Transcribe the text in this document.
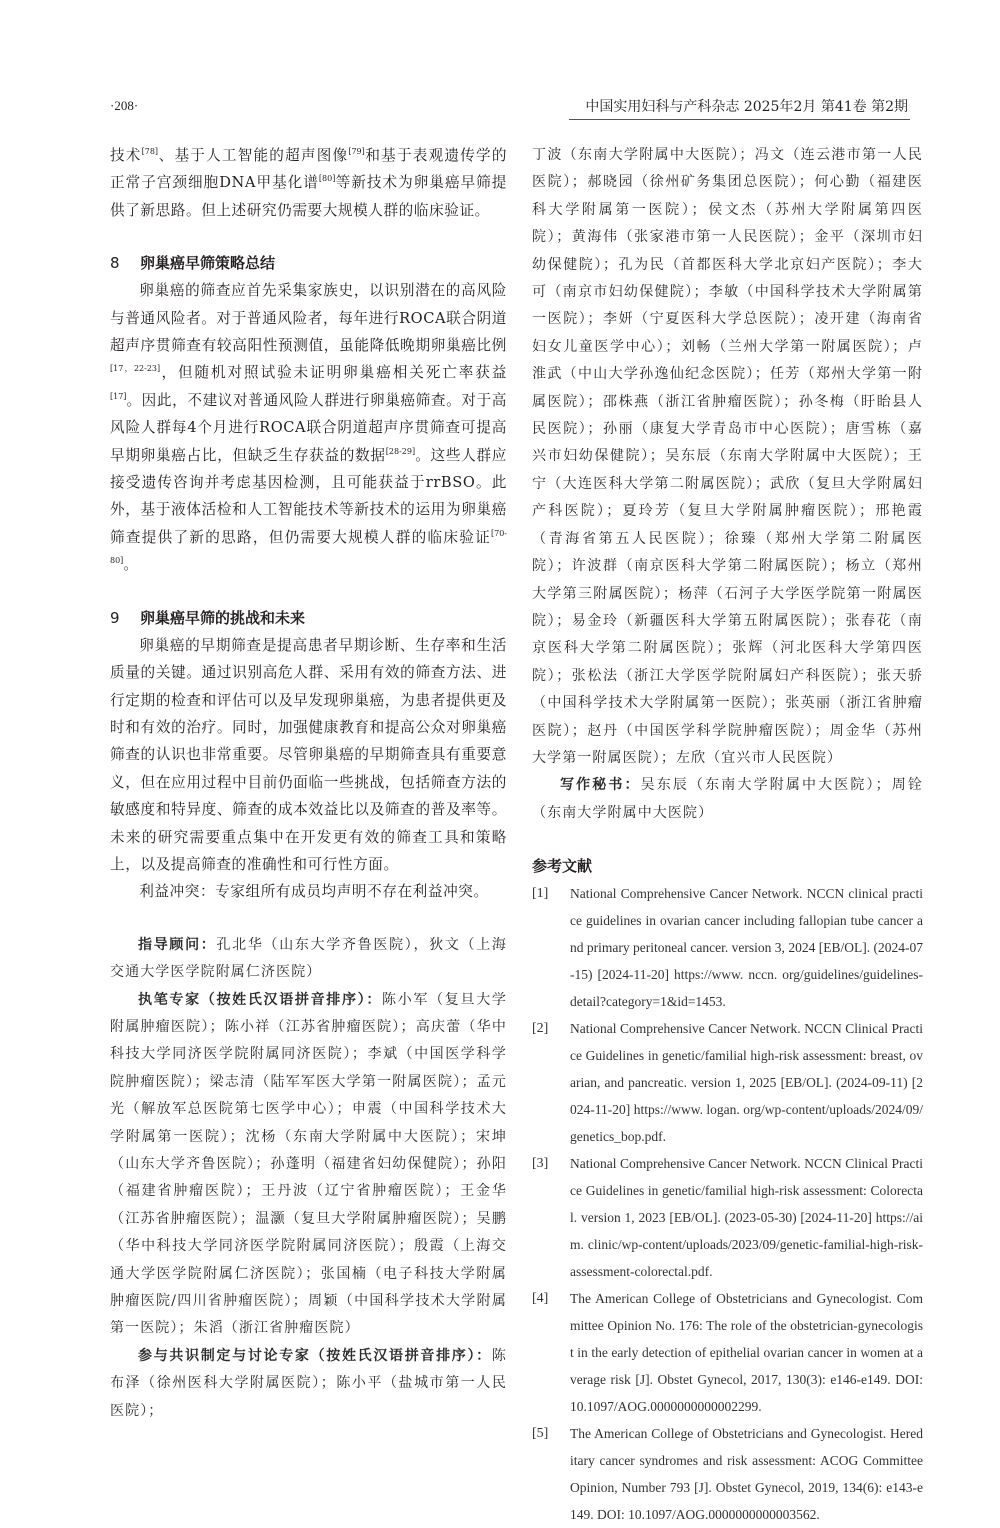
·208·	中国实用妇科与产科杂志 2025年2月 第41卷 第2期

技术[78]、基于人工智能的超声图像[79]和基于表观遗传学的正常子宫颈细胞DNA甲基化谱[80]等新技术为卵巢癌早筛提供了新思路。但上述研究仍需要大规模人群的临床验证。

8 卵巢癌早筛策略总结

卵巢癌的筛查应首先采集家族史，以识别潜在的高风险与普通风险者。对于普通风险者，每年进行ROCA联合阴道超声序贯筛查有较高阳性预测值，虽能降低晚期卵巢癌比例[17，22-23]，但随机对照试验未证明卵巢癌相关死亡率获益[17]。因此，不建议对普通风险人群进行卵巢癌筛查。对于高风险人群每4个月进行ROCA联合阴道超声序贯筛查可提高早期卵巢癌占比，但缺乏生存获益的数据[28-29]。这些人群应接受遗传咨询并考虑基因检测，且可能获益于rrBSO。此外，基于液体活检和人工智能技术等新技术的运用为卵巢癌筛查提供了新的思路，但仍需要大规模人群的临床验证[70-80]。

9 卵巢癌早筛的挑战和未来

卵巢癌的早期筛查是提高患者早期诊断、生存率和生活质量的关键。通过识别高危人群、采用有效的筛查方法、进行定期的检查和评估可以及早发现卵巢癌，为患者提供更及时和有效的治疗。同时，加强健康教育和提高公众对卵巢癌筛查的认识也非常重要。尽管卵巢癌的早期筛查具有重要意义，但在应用过程中目前仍面临一些挑战，包括筛查方法的敏感度和特异度、筛查的成本效益比以及筛查的普及率等。未来的研究需要重点集中在开发更有效的筛查工具和策略上，以及提高筛查的准确性和可行性方面。

利益冲突：专家组所有成员均声明不存在利益冲突。

指导顾问：孔北华（山东大学齐鲁医院），狄文（上海交通大学医学院附属仁济医院）

执笔专家（按姓氏汉语拼音排序）：陈小军（复旦大学附属肿瘤医院）；陈小祥（江苏省肿瘤医院）；高庆蕾（华中科技大学同济医学院附属同济医院）；李斌（中国医学科学院肿瘤医院）；梁志清（陆军军医大学第一附属医院）；孟元光（解放军总医院第七医学中心）；申震（中国科学技术大学附属第一医院）；沈杨（东南大学附属中大医院）；宋坤（山东大学齐鲁医院）；孙蓬明（福建省妇幼保健院）；孙阳（福建省肿瘤医院）；王丹波（辽宁省肿瘤医院）；王金华（江苏省肿瘤医院）；温灏（复旦大学附属肿瘤医院）；吴鹏（华中科技大学同济医学院附属同济医院）；殷霞（上海交通大学医学院附属仁济医院）；张国楠（电子科技大学附属肿瘤医院/四川省肿瘤医院）；周颖（中国科学技术大学附属第一医院）；朱滔（浙江省肿瘤医院）

参与共识制定与讨论专家（按姓氏汉语拼音排序）：陈布泽（徐州医科大学附属医院）；陈小平（盐城市第一人民医院）；

丁波（东南大学附属中大医院）；冯文（连云港市第一人民医院）；郝晓园（徐州矿务集团总医院）；何心勤（福建医科大学附属第一医院）；侯文杰（苏州大学附属第四医院）；黄海伟（张家港市第一人民医院）；金平（深圳市妇幼保健院）；孔为民（首都医科大学北京妇产医院）；李大可（南京市妇幼保健院）；李敏（中国科学技术大学附属第一医院）；李妍（宁夏医科大学总医院）；凌开建（海南省妇女儿童医学中心）；刘畅（兰州大学第一附属医院）；卢淮武（中山大学孙逸仙纪念医院）；任芳（郑州大学第一附属医院）；邵株燕（浙江省肿瘤医院）；孙冬梅（盱眙县人民医院）；孙丽（康复大学青岛市中心医院）；唐雪栋（嘉兴市妇幼保健院）；吴东辰（东南大学附属中大医院）；王宁（大连医科大学第二附属医院）；武欣（复旦大学附属妇产科医院）；夏玲芳（复旦大学附属肿瘤医院）；邢艳霞（青海省第五人民医院）；徐臻（郑州大学第二附属医院）；许波群（南京医科大学第二附属医院）；杨立（郑州大学第三附属医院）；杨萍（石河子大学医学院第一附属医院）；易金玲（新疆医科大学第五附属医院）；张春花（南京医科大学第二附属医院）；张辉（河北医科大学第四医院）；张松法（浙江大学医学院附属妇产科医院）；张天骄（中国科学技术大学附属第一医院）；张英丽（浙江省肿瘤医院）；赵丹（中国医学科学院肿瘤医院）；周金华（苏州大学第一附属医院）；左欣（宜兴市人民医院）

写作秘书：吴东辰（东南大学附属中大医院）；周铨（东南大学附属中大医院）

参考文献
[1]	National Comprehensive Cancer Network. NCCN clinical practice guidelines in ovarian cancer including fallopian tube cancer and primary peritoneal cancer. version 3, 2024 [EB/OL]. (2024-07-15) [2024-11-20] https://www. nccn. org/guidelines/guidelines-detail?category=1&id=1453.
[2]	National Comprehensive Cancer Network. NCCN Clinical Practice Guidelines in genetic/familial high-risk assessment: breast, ovarian, and pancreatic. version 1, 2025 [EB/OL]. (2024-09-11) [2024-11-20] https://www. logan. org/wp-content/uploads/2024/09/genetics_bop.pdf.
[3]	National Comprehensive Cancer Network. NCCN Clinical Practice Guidelines in genetic/familial high-risk assessment: Colorectal. version 1, 2023 [EB/OL]. (2023-05-30) [2024-11-20] https://aim. clinic/wp-content/uploads/2023/09/genetic-familial-high-risk-assessment-colorectal.pdf.
[4]	The American College of Obstetricians and Gynecologist. Committee Opinion No. 176: The role of the obstetrician-gynecologist in the early detection of epithelial ovarian cancer in women at average risk [J]. Obstet Gynecol, 2017, 130(3): e146-e149. DOI: 10.1097/AOG.0000000000002299.
[5]	The American College of Obstetricians and Gynecologist. Hereditary cancer syndromes and risk assessment: ACOG Committee Opinion, Number 793 [J]. Obstet Gynecol, 2019, 134(6): e143-e149. DOI: 10.1097/AOG.0000000000003562.
